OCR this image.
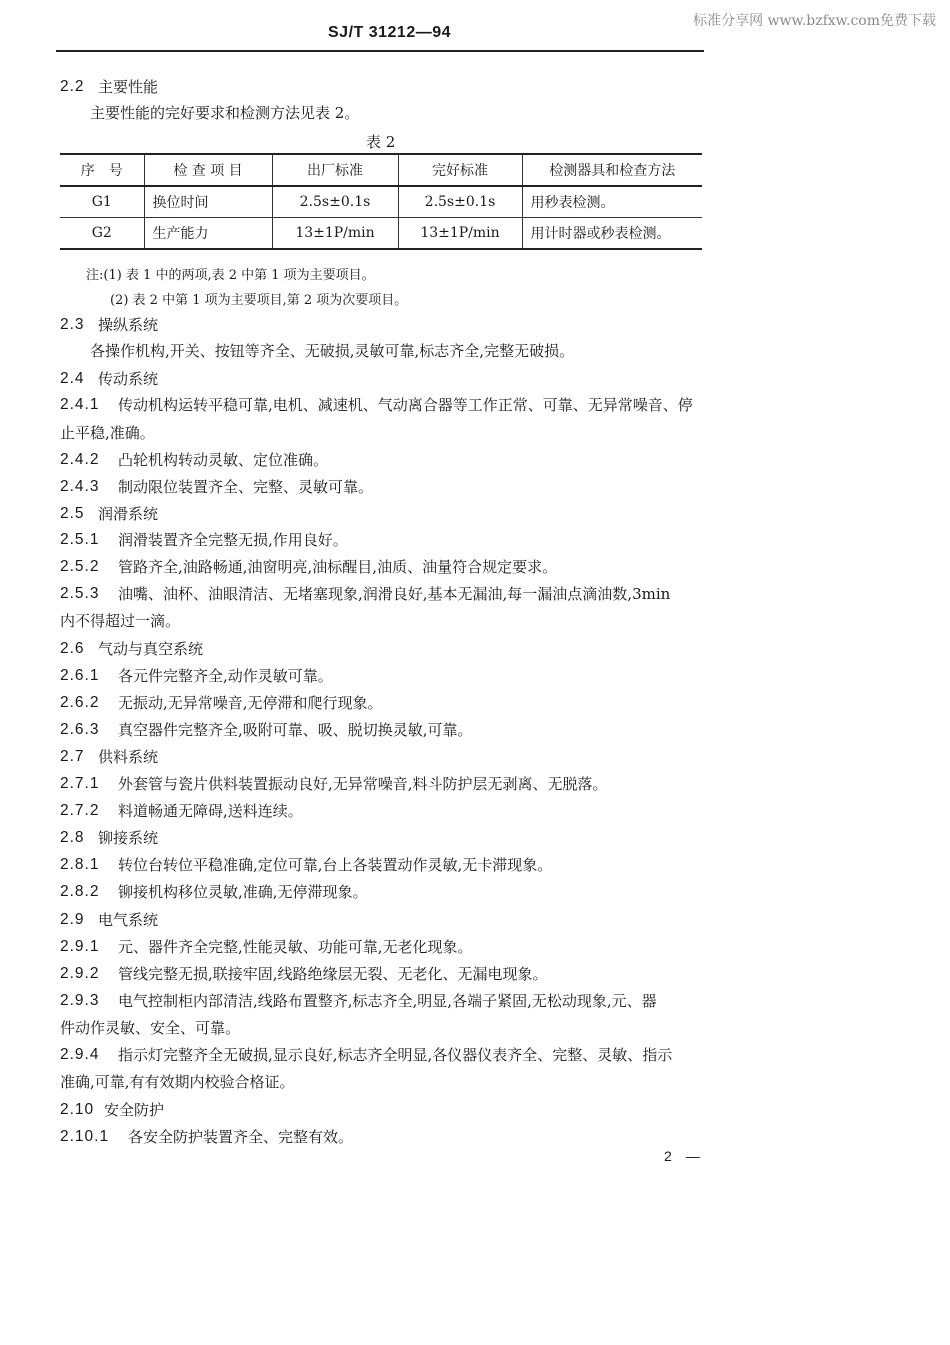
标准分享网 www.bzfxw.com免费下载
SJ/T 31212—94
2.2 主要性能
主要性能的完好要求和检测方法见表 2。
表 2
序　号	检 查 项 目	出厂标准	完好标准	检测器具和检查方法
G1	换位时间	2.5s±0.1s	2.5s±0.1s	用秒表检测。
G2	生产能力	13±1P/min	13±1P/min	用计时器或秒表检测。
注:(1) 表 1 中的两项,表 2 中第 1 项为主要项目。
(2) 表 2 中第 1 项为主要项目,第 2 项为次要项目。
2.3 操纵系统
各操作机构,开关、按钮等齐全、无破损,灵敏可靠,标志齐全,完整无破损。
2.4 传动系统
2.4.1 传动机构运转平稳可靠,电机、减速机、气动离合器等工作正常、可靠、无异常噪音、停
止平稳,准确。
2.4.2 凸轮机构转动灵敏、定位准确。
2.4.3 制动限位装置齐全、完整、灵敏可靠。
2.5 润滑系统
2.5.1 润滑装置齐全完整无损,作用良好。
2.5.2 管路齐全,油路畅通,油窗明亮,油标醒目,油质、油量符合规定要求。
2.5.3 油嘴、油杯、油眼清洁、无堵塞现象,润滑良好,基本无漏油,每一漏油点滴油数,3min
内不得超过一滴。
2.6 气动与真空系统
2.6.1 各元件完整齐全,动作灵敏可靠。
2.6.2 无振动,无异常噪音,无停滞和爬行现象。
2.6.3 真空器件完整齐全,吸附可靠、吸、脱切换灵敏,可靠。
2.7 供料系统
2.7.1 外套管与瓷片供料装置振动良好,无异常噪音,料斗防护层无剥离、无脱落。
2.7.2 料道畅通无障碍,送料连续。
2.8 铆接系统
2.8.1 转位台转位平稳准确,定位可靠,台上各装置动作灵敏,无卡滞现象。
2.8.2 铆接机构移位灵敏,准确,无停滞现象。
2.9 电气系统
2.9.1 元、器件齐全完整,性能灵敏、功能可靠,无老化现象。
2.9.2 管线完整无损,联接牢固,线路绝缘层无裂、无老化、无漏电现象。
2.9.3 电气控制柜内部清洁,线路布置整齐,标志齐全,明显,各端子紧固,无松动现象,元、器
件动作灵敏、安全、可靠。
2.9.4 指示灯完整齐全无破损,显示良好,标志齐全明显,各仪器仪表齐全、完整、灵敏、指示
准确,可靠,有有效期内校验合格证。
2.10 安全防护
2.10.1 各安全防护装置齐全、完整有效。
2　—
